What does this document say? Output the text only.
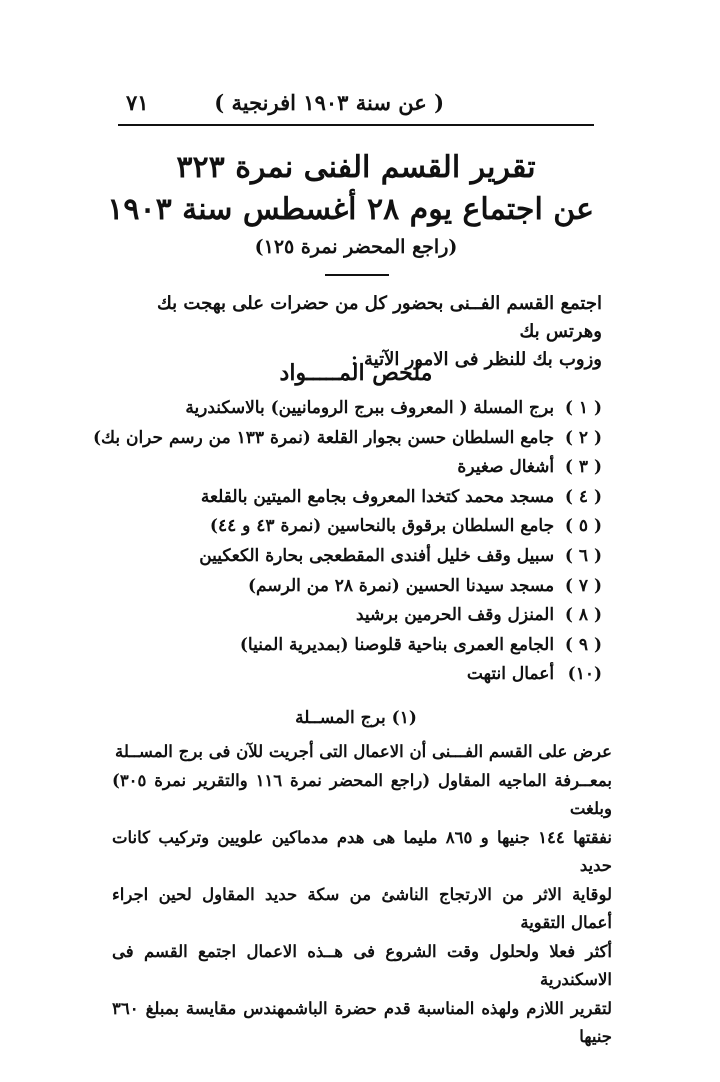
( عن سنة ١٩٠٣ افرنجية )
٧١
تقرير القسم الفنى نمرة ٣٢٣
عن اجتماع يوم ٢٨ أغسطس سنة ١٩٠٣
(راجع المحضر نمرة ١٢٥)

اجتمع القسم الفــنى بحضور كل من حضرات على بهجت بك وهرتس بك

وزوب بك للنظر فى الامور الآتية :

ملخص المـــــواد
( ١ ) برج المسلة ( المعروف ببرج الرومانيين) بالاسكندرية
( ٢ ) جامع السلطان حسن بجوار القلعة (نمرة ١٣٣ من رسم حران بك)
( ٣ ) أشغال صغيرة
( ٤ ) مسجد محمد كتخدا المعروف بجامع الميتين بالقلعة
( ٥ ) جامع السلطان برقوق بالنحاسين (نمرة ٤٣ و ٤٤)
( ٦ ) سبيل وقف خليل أفندى المقطعجى بحارة الكعكيين
( ٧ ) مسجد سيدنا الحسين (نمرة ٢٨ من الرسم)
( ٨ ) المنزل وقف الحرمين برشيد
( ٩ ) الجامع العمرى بناحية قلوصنا (بمديرية المنيا)
(١٠) أعمال انتهت
(١) برج المســلة

عرض على القسم الفـــنى أن الاعمال التى أجريت للآن فى برج المســلة

بمعــرفة الماجيه المقاول (راجع المحضر نمرة ١١٦ والتقرير نمرة ٣٠٥) وبلغت

نفقتها ١٤٤ جنيها و ٨٦٥ مليما هى هدم مدماكين علويين وتركيب كانات حديد

لوقاية الاثر من الارتجاج الناشئ من سكة حديد المقاول لحين اجراء أعمال التقوية

أكثر فعلا ولحلول وقت الشروع فى هــذه الاعمال اجتمع القسم فى الاسكندرية

لتقرير اللازم ولهذه المناسبة قدم حضرة الباشمهندس مقايسة بمبلغ ٣٦٠ جنيها
